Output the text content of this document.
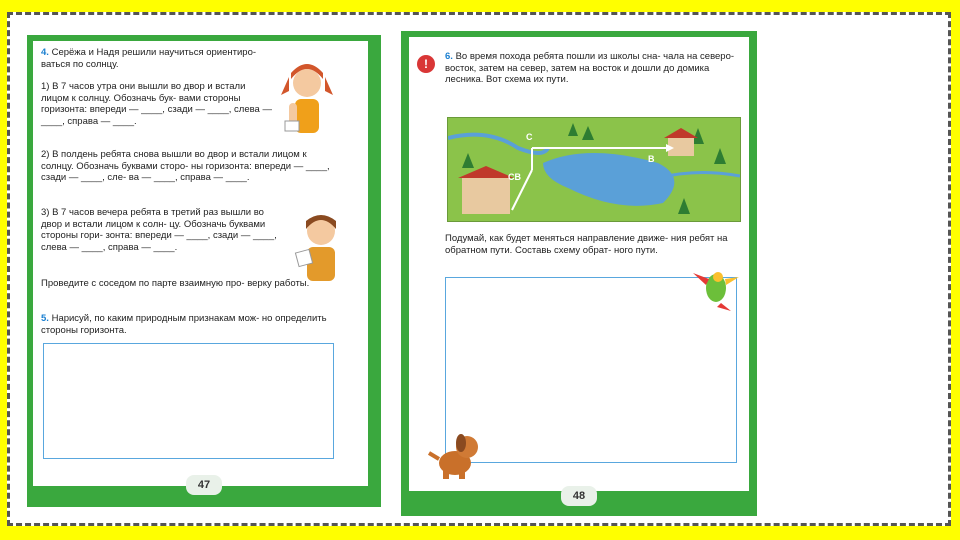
4. Серёжа и Надя решили научиться ориентиро- ваться по солнцу.
1) В 7 часов утра они вышли во двор и встали лицом к солнцу. Обозначь бук- вами стороны горизонта: впереди — ____, сзади — ____, слева — ____, справа — ____.
2) В полдень ребята снова вышли во двор и встали лицом к солнцу. Обозначь буквами сторо- ны горизонта: впереди — ____, сзади — ____, сле- ва — ____, справа — ____.
3) В 7 часов вечера ребята в третий раз вышли во двор и встали лицом к солн- цу. Обозначь буквами стороны гори- зонта: впереди — ____, сзади — ____, слева — ____, справа — ____.
Проведите с соседом по парте взаимную про- верку работы.
5. Нарисуй, по каким природным признакам мож- но определить стороны горизонта.
47
!
6. Во время похода ребята пошли из школы сна- чала на северо-восток, затем на север, затем на восток и дошли до домика лесника. Вот схема их пути.
С
СВ
В
Подумай, как будет меняться направление движе- ния ребят на обратном пути. Составь схему обрат- ного пути.
48
